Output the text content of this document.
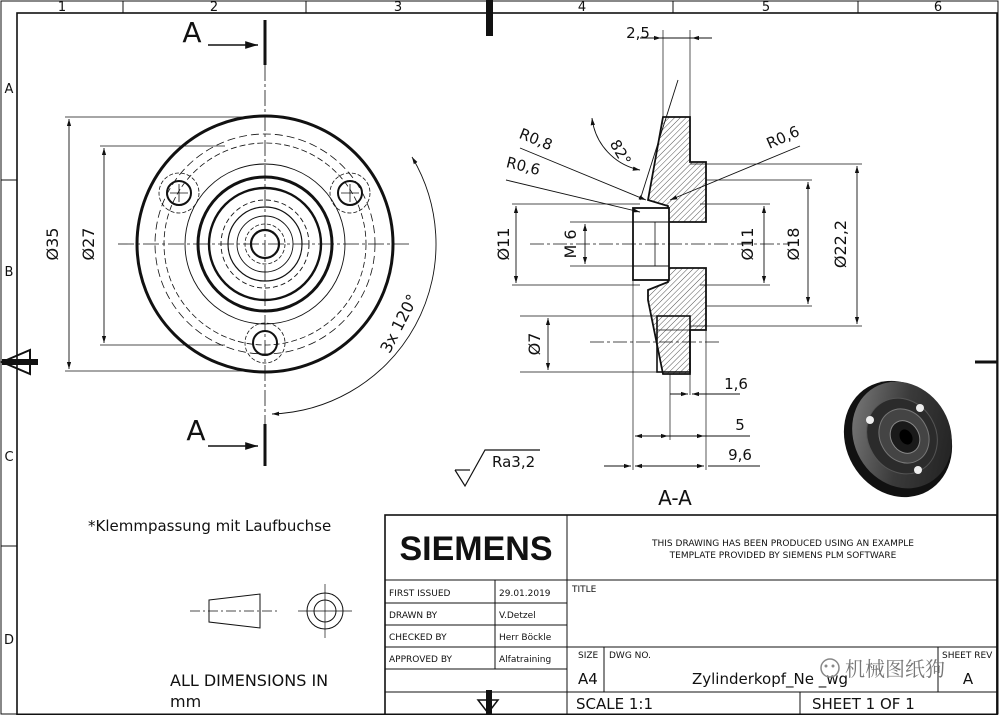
1	2	3	4	5	6
A
B
C
D
A
A
Ø35 Ø27
3x 120°
2,5
82°
R0,8
R0,6
R0,6
Ø11	M 6	Ø11 Ø18 Ø22,2
Ø7
1,6
5
9,6
A-A
Ra3,2
*Klemmpassung mit Laufbuchse
ALL DIMENSIONS IN
mm
SIEMENS	THIS DRAWING HAS BEEN PRODUCED USING AN EXAMPLE
TEMPLATE PROVIDED BY SIEMENS PLM SOFTWARE
FIRST ISSUED	29.01.2019
DRAWN BY	V.Detzel
CHECKED BY	Herr Böckle
APPROVED BY	Alfatraining
TITLE
SIZE
A4
DWG NO.
Zylinderkopf_Ne _wg
SHEET REV
A
SCALE 1:1	SHEET 1 OF 1
机械图纸狗
